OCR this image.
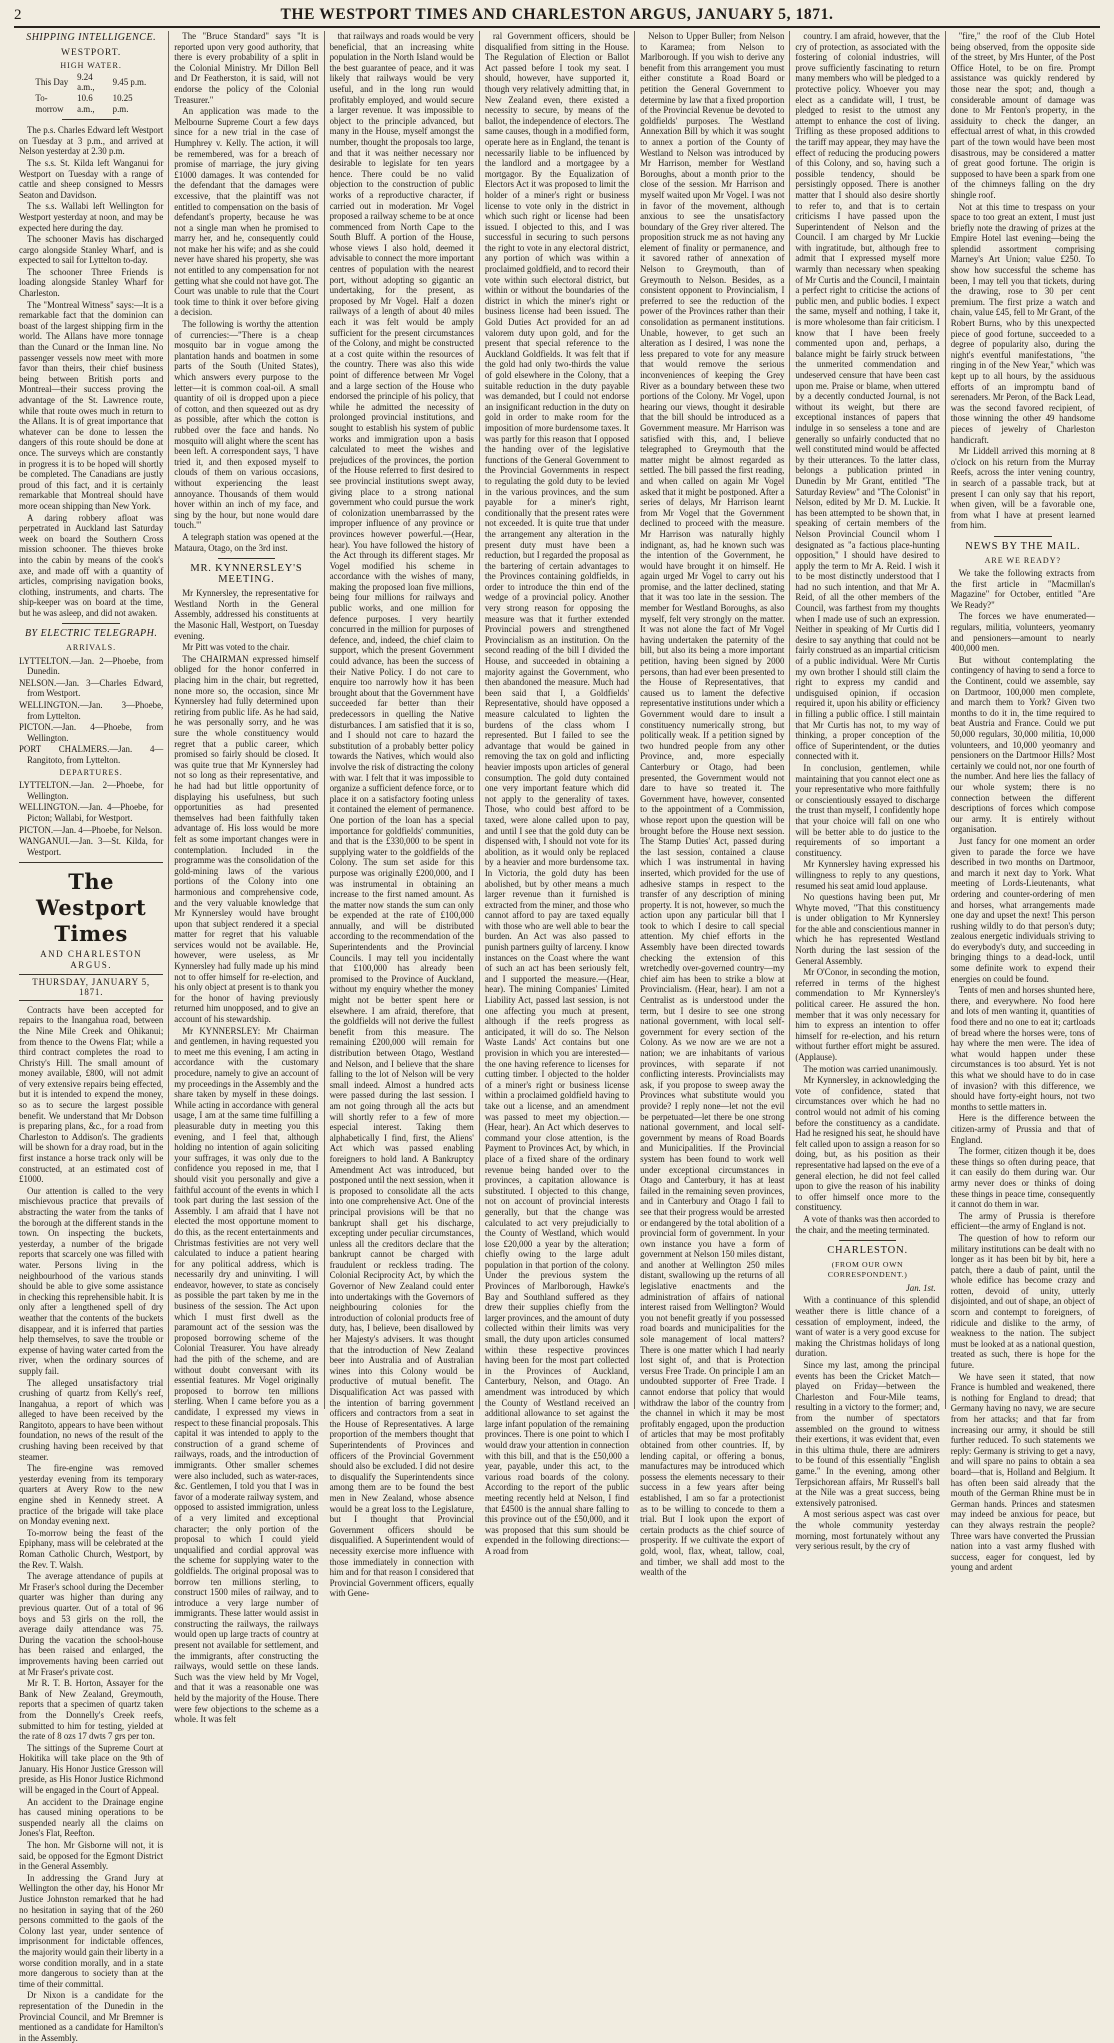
2	THE WESTPORT TIMES AND CHARLESTON ARGUS, JANUARY 5, 1871.
SHIPPING INTELLIGENCE.
WESTPORT.
HIGH WATER.		
This Day	9.24 a.m.,	9.45 p.m.
To-morrow	10.6 a.m.,	10.25 p.m.

The p.s. Charles Edward left Westport on Tuesday at 3 p.m., and arrived at Nelson yesterday at 2.30 p.m.

The s.s. St. Kilda left Wanganui for Westport on Tuesday with a range of cattle and sheep consigned to Messrs Seaton and Davidson.

The s.s. Wallabi left Wellington for Westport yesterday at noon, and may be expected here during the day.

The schooner Mavis has discharged cargo alongside Stanley Wharf, and is expected to sail for Lyttelton to-day.

The schooner Three Friends is loading alongside Stanley Wharf for Charleston.

The "Montreal Witness" says:—It is a remarkable fact that the dominion can boast of the largest shipping firm in the world. The Allans have more tonnage than the Cunard or the Inman line. No passenger vessels now meet with more favor than theirs, their chief business being between British ports and Montreal—their success proving the advantage of the St. Lawrence route, while that route owes much in return to the Allans. It is of great importance that whatever can be done to lessen the dangers of this route should be done at once. The surveys which are constantly in progress it is to be hoped will shortly be completed. The Canadians are justly proud of this fact, and it is certainly remarkable that Montreal should have more ocean shipping than New York.

A daring robbery afloat was perpetrated in Auckland last Saturday week on board the Southern Cross mission schooner. The thieves broke into the cabin by means of the cook's axe, and made off with a quantity of articles, comprising navigation books, clothing, instruments, and charts. The ship-keeper was on board at the time, but he was asleep, and did not awaken.

BY ELECTRIC TELEGRAPH.
ARRIVALS.

LYTTELTON.—Jan. 2—Phoebe, from Dunedin.

NELSON.—Jan. 3—Charles Edward, from Westport.

WELLINGTON.—Jan. 3—Phoebe, from Lyttelton.

PICTON.—Jan. 4—Phoebe, from Wellington.

PORT CHALMERS.—Jan. 4—Rangitoto, from Lyttelton.

DEPARTURES.

LYTTELTON.—Jan. 2—Phoebe, for Wellington.

WELLINGTON.—Jan. 4—Phoebe, for Picton; Wallabi, for Westport.

PICTON.—Jan. 4—Phoebe, for Nelson.

WANGANUI.—Jan. 3—St. Kilda, for Westport.

The Westport Times
AND CHARLESTON ARGUS.
THURSDAY, JANUARY 5, 1871.

Contracts have been accepted for repairs to the Inangahua road, between the Nine Mile Creek and Ohikanui; from thence to the Owens Flat; while a third contract completes the road to Christy's Hill. The small amount of money available, £800, will not admit of very extensive repairs being effected, but it is intended to expend the money, so as to secure the largest possible benefit. We understand that Mr Dobson is preparing plans, &c., for a road from Charleston to Addison's. The gradients will be shown for a dray road, but in the first instance a horse track only will be constructed, at an estimated cost of £1000.

Our attention is called to the very mischievous practice that prevails of abstracting the water from the tanks of the borough at the different stands in the town. On inspecting the buckets, yesterday, a number of the brigade reports that scarcely one was filled with water. Persons living in the neighbourhood of the various stands should be able to give some assistance in checking this reprehensible habit. It is only after a lengthened spell of dry weather that the contents of the buckets disappear, and it is inferred that parties help themselves, to save the trouble or expense of having water carted from the river, when the ordinary sources of supply fail.

The alleged unsatisfactory trial crushing of quartz from Kelly's reef, Inangahua, a report of which was alleged to have been received by the Rangitoto, appears to have been without foundation, no news of the result of the crushing having been received by that steamer.

The fire-engine was removed yesterday evening from its temporary quarters at Avery Row to the new engine shed in Kennedy street. A practice of the brigade will take place on Monday evening next.

To-morrow being the feast of the Epiphany, mass will be celebrated at the Roman Catholic Church, Westport, by the Rev. T. Walsh.

The average attendance of pupils at Mr Fraser's school during the December quarter was higher than during any previous quarter. Out of a total of 96 boys and 53 girls on the roll, the average daily attendance was 75. During the vacation the school-house has been raised and enlarged, the improvements having been carried out at Mr Fraser's private cost.

Mr R. T. B. Horton, Assayer for the Bank of New Zealand, Greymouth, reports that a specimen of quartz taken from the Donnelly's Creek reefs, submitted to him for testing, yielded at the rate of 8 ozs 17 dwts 7 grs per ton.

The sittings of the Supreme Court at Hokitika will take place on the 9th of January. His Honor Justice Gresson will preside, as His Honor Justice Richmond will be engaged in the Court of Appeal.

An accident to the Drainage engine has caused mining operations to be suspended nearly all the claims on Jones's Flat, Reefton.

The hon. Mr Gisborne will not, it is said, be opposed for the Egmont District in the General Assembly.

In addressing the Grand Jury at Wellington the other day, his Honor Mr Justice Johnston remarked that he had no hesitation in saying that of the 260 persons committed to the gaols of the Colony last year, under sentence of imprisonment for indictable offences, the majority would gain their liberty in a worse condition morally, and in a state more dangerous to society than at the time of their committal.

Dr Nixon is a candidate for the representation of the Dunedin in the Provincial Council, and Mr Bremner is mentioned as a candidate for Hamilton's in the Assembly.

The "Bruce Standard" says "It is reported upon very good authority, that there is every probability of a split in the Colonial Ministry. Mr Dillon Bell and Dr Featherston, it is said, will not endorse the policy of the Colonial Treasurer."

An application was made to the Melbourne Supreme Court a few days since for a new trial in the case of Humphrey v. Kelly. The action, it will be remembered, was for a breach of promise of marriage, the jury giving £1000 damages. It was contended for the defendant that the damages were excessive, that the plaintiff was not entitled to compensation on the basis of defendant's property, because he was not a single man when he promised to marry her, and he, consequently could not make her his wife; and as she could never have shared his property, she was not entitled to any compensation for not getting what she could not have got. The Court was unable to rule that the Court took time to think it over before giving a decision.

The following is worthy the attention of currencies:—"There is a cheap mosquito bar in vogue among the plantation hands and boatmen in some parts of the South (United States), which answers every purpose to the letter—it is common coal-oil. A small quantity of oil is dropped upon a piece of cotton, and then squeezed out as dry as possible, after which the cotton is rubbed over the face and hands. No mosquito will alight where the scent has been left. A correspondent says, 'I have tried it, and then exposed myself to clouds of them on various occasions, without experiencing the least annoyance. Thousands of them would hover within an inch of my face, and sing by the hour, but none would dare touch.'"

A telegraph station was opened at the Mataura, Otago, on the 3rd inst.

MR. KYNNERSLEY'S MEETING.

Mr Kynnersley, the representative for Westland North in the General Assembly, addressed his constituents at the Masonic Hall, Westport, on Tuesday evening.

Mr Pitt was voted to the chair.

The CHAIRMAN expressed himself obliged for the honor conferred in placing him in the chair, but regretted, none more so, the occasion, since Mr Kynnersley had fully determined upon retiring from public life. As he had said, he was personally sorry, and he was sure the whole constituency would regret that a public career, which promised so fairly should be closed. It was quite true that Mr Kynnersley had not so long as their representative, and he had had but little opportunity of displaying his usefulness, but such opportunities as had presented themselves had been faithfully taken advantage of. His loss would be more felt as some important changes were in contemplation. Included in the programme was the consolidation of the gold-mining laws of the various portions of the Colony into one harmonious and comprehensive code, and the very valuable knowledge that Mr Kynnersley would have brought upon that subject rendered it a special matter for regret that his valuable services would not be available. He, however, were useless, as Mr Kynnersley had fully made up his mind not to offer himself for re-election, and his only object at present is to thank you for the honor of having previously returned him unopposed, and to give an account of his stewardship.

Mr KYNNERSLEY: Mr Chairman and gentlemen, in having requested you to meet me this evening, I am acting in accordance with the customary procedure, namely to give an account of my proceedings in the Assembly and the share taken by myself in these doings. While acting in accordance with general usage, I am at the same time fulfilling a pleasurable duty in meeting you this evening, and I feel that, although holding no intention of again soliciting your suffrages, it was only due to the confidence you reposed in me, that I should visit you personally and give a faithful account of the events in which I took part during the last session of the Assembly. I am afraid that I have not elected the most opportune moment to do this, as the recent entertainments and Christmas festivities are not very well calculated to induce a patient hearing for any political address, which is necessarily dry and uninviting. I will endeavor, however, to state as concisely as possible the part taken by me in the business of the session. The Act upon which I must first dwell as the paramount act of the session was the proposed borrowing scheme of the Colonial Treasurer. You have already had the pith of the scheme, and are without doubt conversant with its essential features. Mr Vogel originally proposed to borrow ten millions sterling. When I came before you as a candidate, I expressed my views in respect to these financial proposals. This capital it was intended to apply to the construction of a grand scheme of railways, roads, and the introduction of immigrants. Other smaller schemes were also included, such as water-races, &c. Gentlemen, I told you that I was in favor of a moderate railway system, and opposed to assisted immigration, unless of a very limited and exceptional character; the only portion of the proposal to which I could yield unqualified and cordial approval was the scheme for supplying water to the goldfields. The original proposal was to borrow ten millions sterling, to construct 1500 miles of railway, and to introduce a very large number of immigrants. These latter would assist in constructing the railways, the railways would open up large tracts of country at present not available for settlement, and the immigrants, after constructing the railways, would settle on these lands. Such was the view held by Mr Vogel, and that it was a reasonable one was held by the majority of the House. There were few objections to the scheme as a whole. It was felt

that railways and roads would be very beneficial, that an increasing white population in the North Island would be the best guarantee of peace, and it was likely that railways would be very useful, and in the long run would profitably employed, and would secure a larger revenue. It was impossible to object to the principle advanced, but many in the House, myself amongst the number, thought the proposals too large, and that it was neither necessary nor desirable to legislate for ten years hence. There could be no valid objection to the construction of public works of a reproductive character, if carried out in moderation. Mr Vogel proposed a railway scheme to be at once commenced from North Cape to the South Bluff. A portion of the House, whose views I also hold, deemed it advisable to connect the more important centres of population with the nearest port, without adopting so gigantic an undertaking, for the present, as proposed by Mr Vogel. Half a dozen railways of a length of about 40 miles each it was felt would be amply sufficient for the present circumstances of the Colony, and might be constructed at a cost quite within the resources of the country. There was also this wide point of difference between Mr Vogel and a large section of the House who endorsed the principle of his policy, that while he admitted the necessity of prolonged provincial institutions, and sought to establish his system of public works and immigration upon a basis calculated to meet the wishes and prejudices of the provinces, the portion of the House referred to first desired to see provincial institutions swept away, giving place to a strong national government who could pursue the work of colonization unembarrassed by the improper influence of any province or provinces however powerful.—(Hear, hear). You have followed the history of the Act through its different stages. Mr Vogel modified his scheme in accordance with the wishes of many, making the proposed loan five millions, being four millions for railways and public works, and one million for defence purposes. I very heartily concurred in the million for purposes of defence, and, indeed, the chief claim to support, which the present Government could advance, has been the success of their Native Policy. I do not care to enquire too narrowly how it has been brought about that the Government have succeeded far better than their predecessors in quelling the Native disturbances. I am satisfied that it is so, and I should not care to hazard the substitution of a probably better policy towards the Natives, which would also involve the risk of distracting the colony with war. I felt that it was impossible to organize a sufficient defence force, or to place it on a satisfactory footing unless it contained the element of permanence. One portion of the loan has a special importance for goldfields' communities, and that is the £330,000 to be spent in supplying water to the goldfields of the Colony. The sum set aside for this purpose was originally £200,000, and I was instrumental in obtaining an increase to the first named amount. As the matter now stands the sum can only be expended at the rate of £100,000 annually, and will be distributed according to the recommendation of the Superintendents and the Provincial Councils. I may tell you incidentally that £100,000 has already been promised to the Province of Auckland, without my enquiry whether the money might not be better spent here or elsewhere. I am afraid, therefore, that the goldfields will not derive the fullest benefit from this measure. The remaining £200,000 will remain for distribution between Otago, Westland and Nelson, and I believe that the share falling to the lot of Nelson will be very small indeed. Almost a hundred acts were passed during the last session. I am not going through all the acts but will shortly refer to a few of more especial interest. Taking them alphabetically I find, first, the Aliens' Act which was passed enabling foreigners to hold land. A Bankruptcy Amendment Act was introduced, but postponed until the next session, when it is proposed to consolidate all the acts into one comprehensive Act. One of the principal provisions will be that no bankrupt shall get his discharge, excepting under peculiar circumstances, unless all the creditors declare that the bankrupt cannot be charged with fraudulent or reckless trading. The Colonial Reciprocity Act, by which the Governor of New Zealand could enter into undertakings with the Governors of neighbouring colonies for the introduction of colonial products free of duty, has, I believe, been disallowed by her Majesty's advisers. It was thought that the introduction of New Zealand beer into Australia and of Australian wines into this Colony would be productive of mutual benefit. The Disqualification Act was passed with the intention of barring government officers and contractors from a seat in the House of Representatives. A large proportion of the members thought that Superintendents of Provinces and officers of the Provincial Government should also be excluded. I did not desire to disqualify the Superintendents since among them are to be found the best men in New Zealand, whose absence would be a great loss to the Legislature, but I thought that Provincial Government officers should be disqualified. A Superintendent would of necessity exercise more influence with those immediately in connection with him and for that reason I considered that Provincial Government officers, equally with Gene-

ral Government officers, should be disqualified from sitting in the House. The Regulation of Election or Ballot Act passed before I took my seat. I should, however, have supported it, though very relatively admitting that, in New Zealand even, there existed a necessity to secure, by means of the ballot, the independence of electors. The same causes, though in a modified form, operate here as in England, the tenant is necessarily liable to be influenced by the landlord and a mortgagee by a mortgagor. By the Equalization of Electors Act it was proposed to limit the holder of a miner's right or business license to vote only in the district in which such right or license had been issued. I objected to this, and I was successful in securing to such persons the right to vote in any electoral district, any portion of which was within a proclaimed goldfield, and to record their vote within such electoral district, but within or without the boundaries of the district in which the miner's right or business license had been issued. The Gold Duties Act provided for an ad valorem duty upon gold, and for the present that special reference to the Auckland Goldfields. It was felt that if the gold had only two-thirds the value of gold elsewhere in the Colony, that a suitable reduction in the duty payable was demanded, but I could not endorse an insignificant reduction in the duty on gold in order to make room for the imposition of more burdensome taxes. It was partly for this reason that I opposed the handing over of the legislative functions of the General Government to the Provincial Governments in respect to regulating the gold duty to be levied in the various provinces, and the sum payable for a miner's right, conditionally that the present rates were not exceeded. It is quite true that under the arrangement any alteration in the present duty must have been a reduction, but I regarded the proposal as the bartering of certain advantages to the Provinces containing goldfields, in order to introduce the thin end of the wedge of a provincial policy. Another very strong reason for opposing the measure was that it further extended Provincial powers and strengthened Provincialism as an institution. On the second reading of the bill I divided the House, and succeeded in obtaining a majority against the Government, who then abandoned the measure. Much had been said that I, a Goldfields' Representative, should have opposed a measure calculated to lighten the burdens of the class whom I represented. But I failed to see the advantage that would be gained in removing the tax on gold and inflicting heavier imposts upon articles of general consumption. The gold duty contained one very important feature which did not apply to the generality of taxes. Those, who could best afford to be taxed, were alone called upon to pay, and until I see that the gold duty can be dispensed with, I should not vote for its abolition, as it would only be replaced by a heavier and more burdensome tax. In Victoria, the gold duty has been abolished, but by other means a much larger revenue than it furnished is extracted from the miner, and those who cannot afford to pay are taxed equally with those who are well able to bear the burden. An Act was also passed to punish partners guilty of larceny. I know instances on the Coast where the want of such an act has been seriously felt, and I supported the measure.—(Hear, hear). The mining Companies' Limited Liability Act, passed last session, is not one affecting you much at present, although if the reefs progress as anticipated, it will do so. The Nelson Waste Lands' Act contains but one provision in which you are interested—the one having reference to licenses for cutting timber. I objected to the holder of a miner's right or business license within a proclaimed goldfield having to take out a license, and an amendment was passed to meet my objection.—(Hear, hear). An Act which deserves to command your close attention, is the Payment to Provinces Act, by which, in place of a fixed share of the ordinary revenue being handed over to the provinces, a capitation allowance is substituted. I objected to this change, not on account of provincial interests generally, but that the change was calculated to act very prejudicially to the County of Westland, which would lose £20,000 a year by the alteration; chiefly owing to the large adult population in that portion of the colony. Under the previous system the Provinces of Marlborough, Hawke's Bay and Southland suffered as they drew their supplies chiefly from the larger provinces, and the amount of duty collected within their limits was very small, the duty upon articles consumed within these respective provinces having been for the most part collected in the Provinces of Auckland, Canterbury, Nelson, and Otago. An amendment was introduced by which the County of Westland received an additional allowance to set against the large infant population of the remaining provinces. There is one point to which I would draw your attention in connection with this bill, and that is the £50,000 a year, payable, under this act, to the various road boards of the colony. According to the report of the public meeting recently held at Nelson, I find that £4500 is the annual share falling to this province out of the £50,000, and it was proposed that this sum should be expended in the following directions:—A road from

Nelson to Upper Buller; from Nelson to Karamea; from Nelson to Marlborough. If you wish to derive any benefit from this arrangement you must either constitute a Road Board or petition the General Government to determine by law that a fixed proportion of the Provincial Revenue be devoted to goldfields' purposes. The Westland Annexation Bill by which it was sought to annex a portion of the County of Westland to Nelson was introduced by Mr Harrison, member for Westland Boroughs, about a month prior to the close of the session. Mr Harrison and myself waited upon Mr Vogel. I was not in favor of the movement, although anxious to see the unsatisfactory boundary of the Grey river altered. The proposition struck me as not having any element of finality or permanence, and it savored rather of annexation of Nelson to Greymouth, than of Greymouth to Nelson. Besides, as a consistent opponent to Provincialism, I preferred to see the reduction of the power of the Provinces rather than their consolidation as permanent institutions. Unable, however, to get such an alteration as I desired, I was none the less prepared to vote for any measure that would remove the serious inconveniences of keeping the Grey River as a boundary between these two portions of the Colony. Mr Vogel, upon hearing our views, thought it desirable that the bill should be introduced as a Government measure. Mr Harrison was satisfied with this, and, I believe telegraphed to Greymouth that the matter might be almost regarded as settled. The bill passed the first reading, and when called on again Mr Vogel asked that it might be postponed. After a series of delays, Mr Harrison learnt from Mr Vogel that the Government declined to proceed with the measure. Mr Harrison was naturally highly indignant, as, had he known such was the intention of the Government, he would have brought it on himself. He again urged Mr Vogel to carry out his promise, and the latter declined, stating that it was too late in the session. The member for Westland Boroughs, as also myself, felt very strongly on the matter. It was not alone the fact of Mr Vogel having undertaken the paternity of the bill, but also its being a more important petition, having been signed by 2000 persons, than had ever been presented to the House of Representatives, that caused us to lament the defective representative institutions under which a Government would dare to insult a constituency numerically strong, but politically weak. If a petition signed by two hundred people from any other Province, and, more especially Canterbury or Otago, had been presented, the Government would not dare to have so treated it. The Government have, however, consented to the appointment of a Commission, whose report upon the question will be brought before the House next session. The Stamp Duties' Act, passed during the last session, contained a clause which I was instrumental in having inserted, which provided for the use of adhesive stamps in respect to the transfer of any description of mining property. It is not, however, so much the action upon any particular bill that I took to which I desire to call special attention. My chief efforts in the Assembly have been directed towards checking the extension of this wretchedly over-governed country—my chief aim has been to strike a blow at Provincialism. (Hear, hear). I am not a Centralist as is understood under the term, but I desire to see one strong national government, with local self-government for every section of the Colony. As we now are we are not a nation; we are inhabitants of various provinces, with separate if not conflicting interests. Provincialists may ask, if you propose to sweep away the Provinces what substitute would you provide? I reply none—let not the evil be perpetuated—let there be one strong national government, and local self-government by means of Road Boards and Municipalities. If the Provincial system has been found to work well under exceptional circumstances in Otago and Canterbury, it has at least failed in the remaining seven provinces, and in Canterbury and Otago I fail to see that their progress would be arrested or endangered by the total abolition of a provincial form of government. In your own instance you have a form of government at Nelson 150 miles distant, and another at Wellington 250 miles distant, swallowing up the returns of all legislative enactments and the administration of affairs of national interest raised from Wellington? Would you not benefit greatly if you possessed road boards and municipalities for the sole management of local matters? There is one matter which I had nearly lost sight of, and that is Protection versus Free Trade. On principle I am an undoubted supporter of Free Trade. I cannot endorse that policy that would withdraw the labor of the country from the channel in which it may be most profitably engaged, upon the production of articles that may be most profitably obtained from other countries. If, by lending capital, or offering a bonus, manufactures may be introduced which possess the elements necessary to their success in a few years after being established, I am so far a protectionist as to be willing to concede to them a trial. But I look upon the export of certain products as the chief source of prosperity. If we cultivate the export of gold, wool, flax, wheat, tallow, coal, and timber, we shall add most to the wealth of the

country. I am afraid, however, that the cry of protection, as associated with the fostering of colonial industries, will prove sufficiently fascinating to return many members who will be pledged to a protective policy. Whoever you may elect as a candidate will, I trust, be pledged to resist to the utmost any attempt to enhance the cost of living. Trifling as these proposed additions to the tariff may appear, they may have the effect of reducing the producing powers of this Colony, and so, having such a possible tendency, should be persistingly opposed. There is another matter that I should also desire shortly to refer to, and that is to certain criticisms I have passed upon the Superintendent of Nelson and the Council. I am charged by Mr Luckie with ingratitude, but, although free to admit that I expressed myself more warmly than necessary when speaking of Mr Curtis and the Council, I maintain a perfect right to criticise the actions of public men, and public bodies. I expect the same, myself and nothing, I take it, is more wholesome than fair criticism. I know that I have been freely commented upon and, perhaps, a balance might be fairly struck between the unmerited commendation and undeserved censure that have been cast upon me. Praise or blame, when uttered by a decently conducted Journal, is not without its weight, but there are exceptional instances of papers that indulge in so senseless a tone and are generally so unfairly conducted that no well constituted mind would be affected by their utterances. To the latter class, belongs a publication printed in Dunedin by Mr Grant, entitled "The Saturday Review" and "The Colonist" in Nelson, edited by Mr D. M. Luckie. It has been attempted to be shown that, in speaking of certain members of the Nelson Provincial Council whom I designated as "a factious place-hunting opposition," I should have desired to apply the term to Mr A. Reid. I wish it to be most distinctly understood that I had no such intention, and that Mr A. Reid, of all the other members of the Council, was farthest from my thoughts when I made use of such an expression. Neither in speaking of Mr Curtis did I desire to say anything that could not be fairly construed as an impartial criticism of a public individual. Were Mr Curtis my own brother I should still claim the right to express my candid and undisguised opinion, if occasion required it, upon his ability or efficiency in filling a public office. I still maintain that Mr Curtis has not, to my way of thinking, a proper conception of the office of Superintendent, or the duties connected with it.

In conclusion, gentlemen, while maintaining that you cannot elect one as your representative who more faithfully or conscientiously essayed to discharge the trust than myself, I confidently hope that your choice will fall on one who will be better able to do justice to the requirements of so important a constituency.

Mr Kynnersley having expressed his willingness to reply to any questions, resumed his seat amid loud applause.

No questions having been put, Mr Whyte moved, "That this constituency is under obligation to Mr Kynnersley for the able and conscientious manner in which he has represented Westland North during the last session of the General Assembly.

Mr O'Conor, in seconding the motion, referred in terms of the highest commendation to Mr Kynnersley's political career. He assured the hon. member that it was only necessary for him to express an intention to offer himself for re-election, and his return without further effort might be assured. (Applause).

The motion was carried unanimously.

Mr Kynnersley, in acknowledging the vote of confidence, stated that circumstances over which he had no control would not admit of his coming before the constituency as a candidate. Had he resigned his seat, he should have felt called upon to assign a reason for so doing, but, as his position as their representative had lapsed on the eve of a general election, he did not feel called upon to give the reason of his inability to offer himself once more to the constituency.

A vote of thanks was then accorded to the chair, and the meeting terminated.

CHARLESTON.
(FROM OUR OWN CORRESPONDENT.)
Jan. 1st.

With a continuance of this splendid weather there is little chance of a cessation of employment, indeed, the want of water is a very good excuse for making the Christmas holidays of long duration.

Since my last, among the principal events has been the Cricket Match—played on Friday—between the Charleston and Four-Mile teams, resulting in a victory to the former; and, from the number of spectators assembled on the ground to witness their exertions, it was evident that, even in this ultima thule, there are admirers to be found of this essentially "English game." In the evening, among other Terpsichorean affairs, Mr Russell's ball at the Nile was a great success, being extensively patronised.

A most serious aspect was cast over the whole community yesterday morning, most fortunately without any very serious result, by the cry of

"fire," the roof of the Club Hotel being observed, from the opposite side of the street, by Mrs Hunter, of the Post Office Hotel, to be on fire. Prompt assistance was quickly rendered by those near the spot; and, though a considerable amount of damage was done to Mr Fenton's property, in the assiduity to check the danger, an effectual arrest of what, in this crowded part of the town would have been most disastrous, may be considered a matter of great good fortune. The origin is supposed to have been a spark from one of the chimneys falling on the dry shingle roof.

Not at this time to trespass on your space to too great an extent, I must just briefly note the drawing of prizes at the Empire Hotel last evening—being the splendid assortment comprising Marney's Art Union; value £250. To show how successful the scheme has been, I may tell you that tickets, during the drawing, rose to 30 per cent premium. The first prize a watch and chain, value £45, fell to Mr Grant, of the Robert Burns, who by this unexpected piece of good fortune, succeeded to a degree of popularity also, during the night's eventful manifestations, "the ringing in of the New Year," which was kept up to all hours, by the assiduous efforts of an impromptu band of serenaders. Mr Peron, of the Back Lead, was the second favored recipient, of those winning the other 49 handsome pieces of jewelry of Charleston handicraft.

Mr Liddell arrived this morning at 8 o'clock on his return from the Murray Reefs, across the inter vening country, in search of a passable track, but at present I can only say that his report, when given, will be a favorable one, from what I have at present learned from him.

NEWS BY THE MAIL.
ARE WE READY?

We take the following extracts from the first article in "Macmillan's Magazine" for October, entitled "Are We Ready?"

The forces we have enumerated—regulars, militia, volunteers, yeomanry and pensioners—amount to nearly 400,000 men.

But without contemplating the contingency of having to send a force to the Continent, could we assemble, say on Dartmoor, 100,000 men complete, and march them to York? Given two months to do it in, the time required to beat Austria and France. Could we put 50,000 regulars, 30,000 militia, 10,000 volunteers, and 10,000 yeomanry and pensioners on the Dartmoor Hills? Most certainly we could not, nor one fourth of the number. And here lies the fallacy of our whole system; there is no connection between the different descriptions of forces which compose our army. It is entirely without organisation.

Just fancy for one moment an order given to parade the force we have described in two months on Dartmoor, and march it next day to York. What meeting of Lords-Lieutenants, what ordering and counter-ordering of men and horses, what arrangements made one day and upset the next! This person rushing wildly to do that person's duty; zealous energetic individuals striving to do everybody's duty, and succeeding in bringing things to a dead-lock, until some definite work to expend their energies on could be found.

Tents of men and horses shunted here, there, and everywhere. No food here and lots of men wanting it, quantities of food there and no one to eat it; cartloads of bread where the horses were, tons of hay where the men were. The idea of what would happen under these circumstances is too absurd. Yet is not this what we should have to do in case of invasion? with this difference, we should have forty-eight hours, not two months to settle matters in.

Here is the difference between the citizen-army of Prussia and that of England.

The former, citizen though it be, does these things so often during peace, that it can easily do them during war. Our army never does or thinks of doing these things in peace time, consequently it cannot do them in war.

The army of Prussia is therefore efficient—the army of England is not.

The question of how to reform our military institutions can be dealt with no longer as it has been bit by bit, here a patch, there a daub of paint, until the whole edifice has become crazy and rotten, devoid of unity, utterly disjointed, and out of shape, an object of scorn and contempt to foreigners, of ridicule and dislike to the army, of weakness to the nation. The subject must be looked at as a national question, treated as such, there is hope for the future.

We have seen it stated, that now France is humbled and weakened, there is nothing for England to dread; that Germany having no navy, we are secure from her attacks; and that far from increasing our army, it should be still further reduced. To such statements we reply: Germany is striving to get a navy, and will spare no pains to obtain a sea board—that is, Holland and Belgium. It has often been said already that the mouth of the German Rhine must be in German hands. Princes and statesmen may indeed be anxious for peace, but can they always restrain the people? Three wars have converted the Prussian nation into a vast army flushed with success, eager for conquest, led by young and ardent
